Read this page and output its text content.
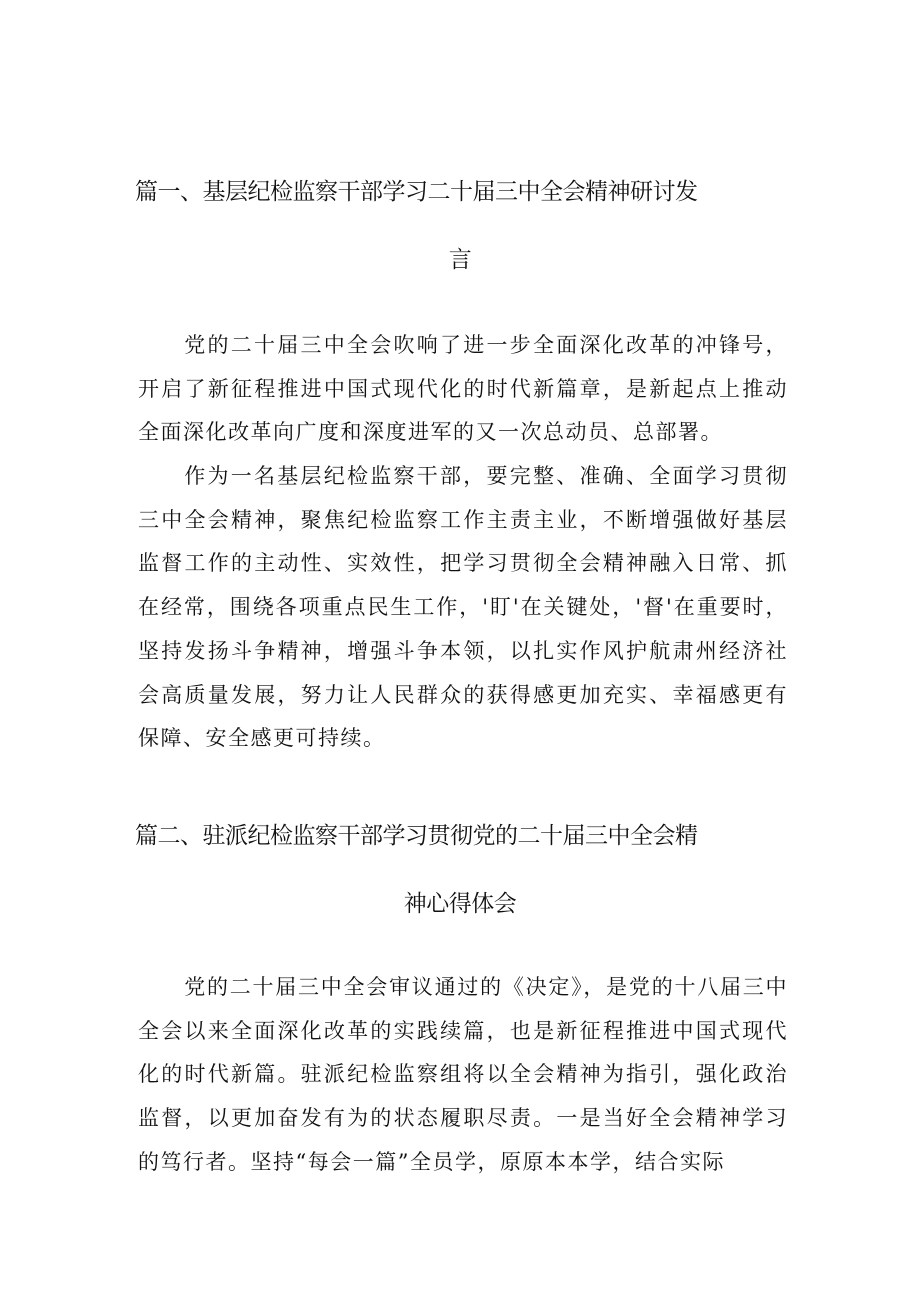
篇一、基层纪检监察干部学习二十届三中全会精神研讨发
言

党的二十届三中全会吹响了进一步全面深化改革的冲锋号，开启了新征程推进中国式现代化的时代新篇章，是新起点上推动全面深化改革向广度和深度进军的又一次总动员、总部署。

作为一名基层纪检监察干部，要完整、准确、全面学习贯彻三中全会精神，聚焦纪检监察工作主责主业，不断增强做好基层监督工作的主动性、实效性，把学习贯彻全会精神融入日常、抓在经常，围绕各项重点民生工作，'盯'在关键处，'督'在重要时，坚持发扬斗争精神，增强斗争本领，以扎实作风护航肃州经济社会高质量发展，努力让人民群众的获得感更加充实、幸福感更有保障、安全感更可持续。

篇二、驻派纪检监察干部学习贯彻党的二十届三中全会精
神心得体会

党的二十届三中全会审议通过的《决定》，是党的十八届三中全会以来全面深化改革的实践续篇，也是新征程推进中国式现代化的时代新篇。驻派纪检监察组将以全会精神为指引，强化政治监督，以更加奋发有为的状态履职尽责。一是当好全会精神学习的笃行者。坚持“每会一篇”全员学，原原本本学，结合实际
